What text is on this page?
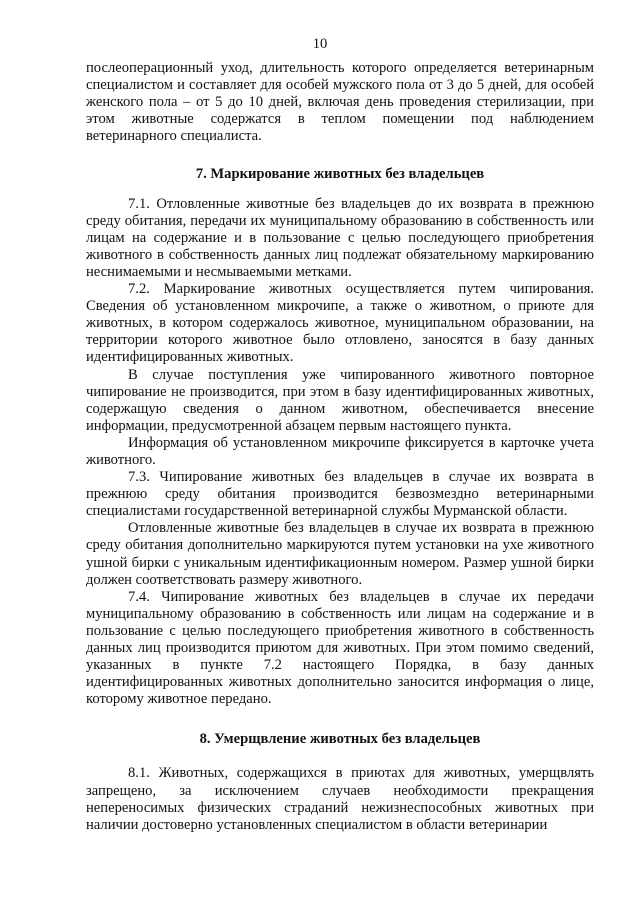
10

послеоперационный уход, длительность которого определяется ветеринарным специалистом и составляет для особей мужского пола от 3 до 5 дней, для особей женского пола – от 5 до 10 дней, включая день проведения стерилизации, при этом животные содержатся в теплом помещении под наблюдением ветеринарного специалиста.

7. Маркирование животных без владельцев

7.1. Отловленные животные без владельцев до их возврата в прежнюю среду обитания, передачи их муниципальному образованию в собственность или лицам на содержание и в пользование с целью последующего приобретения животного в собственность данных лиц подлежат обязательному маркированию неснимаемыми и несмываемыми метками.

7.2. Маркирование животных осуществляется путем чипирования. Сведения об установленном микрочипе, а также о животном, о приюте для животных, в котором содержалось животное, муниципальном образовании, на территории которого животное было отловлено, заносятся в базу данных идентифицированных животных.

В случае поступления уже чипированного животного повторное чипирование не производится, при этом в базу идентифицированных животных, содержащую сведения о данном животном, обеспечивается внесение информации, предусмотренной абзацем первым настоящего пункта.

Информация об установленном микрочипе фиксируется в карточке учета животного.

7.3. Чипирование животных без владельцев в случае их возврата в прежнюю среду обитания производится безвозмездно ветеринарными специалистами государственной ветеринарной службы Мурманской области.

Отловленные животные без владельцев в случае их возврата в прежнюю среду обитания дополнительно маркируются путем установки на ухе животного ушной бирки с уникальным идентификационным номером. Размер ушной бирки должен соответствовать размеру животного.

7.4. Чипирование животных без владельцев в случае их передачи муниципальному образованию в собственность или лицам на содержание и в пользование с целью последующего приобретения животного в собственность данных лиц производится приютом для животных. При этом помимо сведений, указанных в пункте 7.2 настоящего Порядка, в базу данных идентифицированных животных дополнительно заносится информация о лице, которому животное передано.

8. Умерщвление животных без владельцев

8.1. Животных, содержащихся в приютах для животных, умерщвлять запрещено, за исключением случаев необходимости прекращения непереносимых физических страданий нежизнеспособных животных при наличии достоверно установленных специалистом в области ветеринарии
